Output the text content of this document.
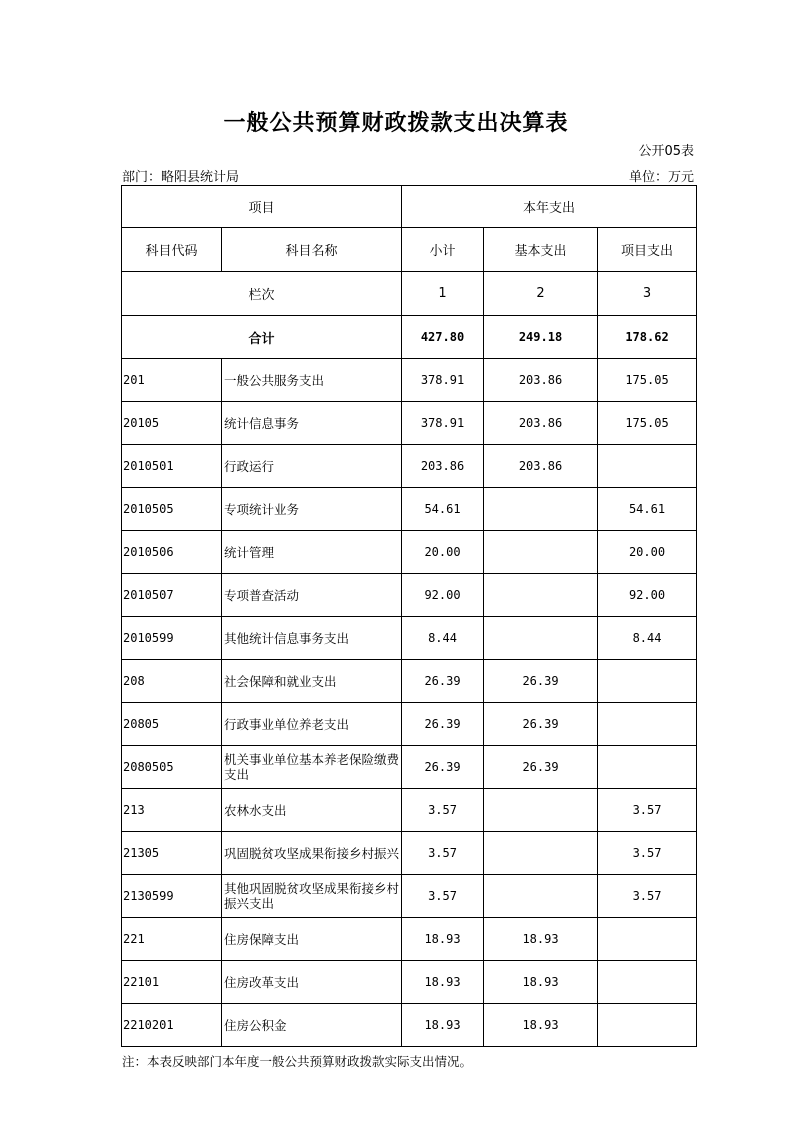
一般公共预算财政拨款支出决算表
公开05表
部门：略阳县统计局	单位：万元
项目		本年支出		
科目代码	科目名称	小计	基本支出	项目支出
栏次		1	2	3
合计		427.80	249.18	178.62
201	一般公共服务支出	378.91	203.86	175.05
20105	统计信息事务	378.91	203.86	175.05
2010501	行政运行	203.86	203.86	
2010505	专项统计业务	54.61		54.61
2010506	统计管理	20.00		20.00
2010507	专项普查活动	92.00		92.00
2010599	其他统计信息事务支出	8.44		8.44
208	社会保障和就业支出	26.39	26.39	
20805	行政事业单位养老支出	26.39	26.39	
2080505	机关事业单位基本养老保险缴费支出	26.39	26.39	
213	农林水支出	3.57		3.57
21305	巩固脱贫攻坚成果衔接乡村振兴	3.57		3.57
2130599	其他巩固脱贫攻坚成果衔接乡村振兴支出	3.57		3.57
221	住房保障支出	18.93	18.93	
22101	住房改革支出	18.93	18.93	
2210201	住房公积金	18.93	18.93	
注：本表反映部门本年度一般公共预算财政拨款实际支出情况。
